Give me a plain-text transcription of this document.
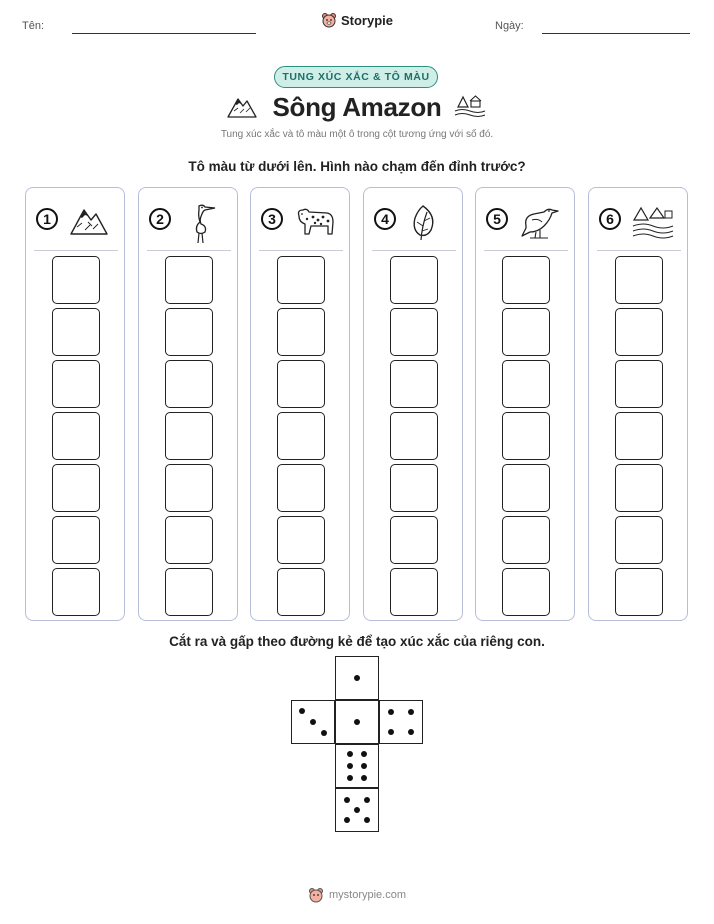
Tên:	Ngày:
Storypie
TUNG XÚC XẮC & TÔ MÀU
Sông Amazon
Tung xúc xắc và tô màu một ô trong cột tương ứng với số đó.
Tô màu từ dưới lên. Hình nào chạm đến đỉnh trước?
1	2	3	4	5	6
Cắt ra và gấp theo đường kẻ để tạo xúc xắc của riêng con.
mystorypie.com
